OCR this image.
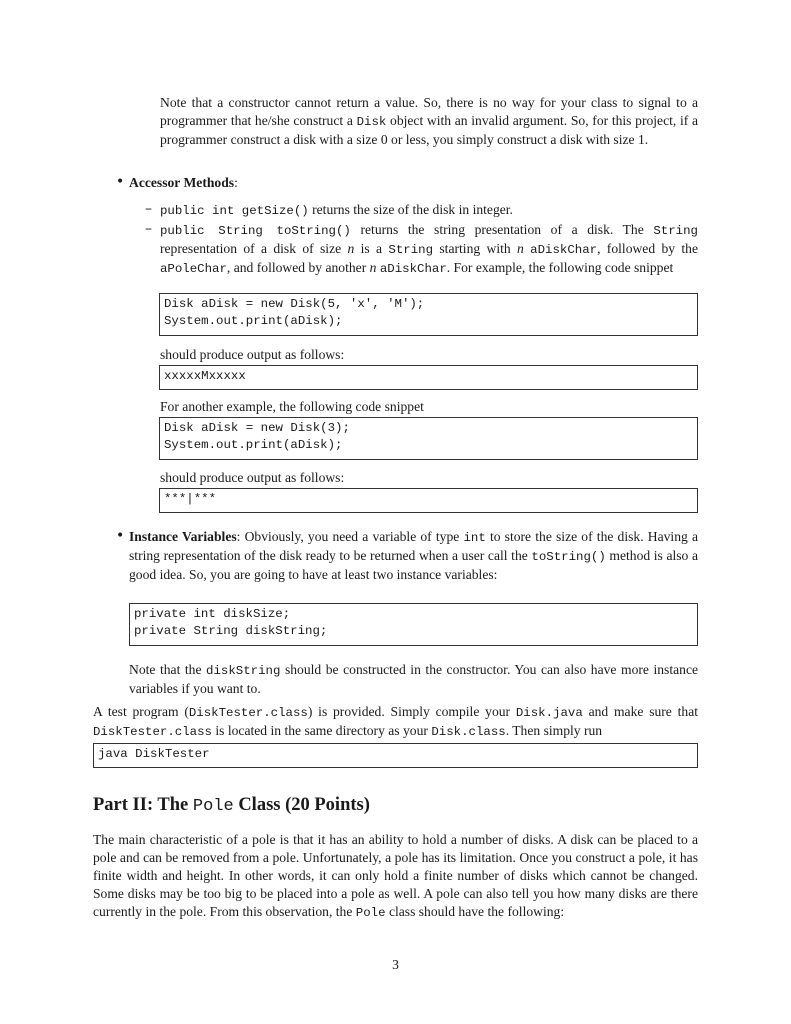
Note that a constructor cannot return a value. So, there is no way for your class to signal to a programmer that he/she construct a Disk object with an invalid argument. So, for this project, if a programmer construct a disk with a size 0 or less, you simply construct a disk with size 1.
• Accessor Methods:
– public int getSize() returns the size of the disk in integer.
– public String toString() returns the string presentation of a disk. The String representation of a disk of size n is a String starting with n aDiskChar, followed by the aPoleChar, and followed by another n aDiskChar. For example, the following code snippet
Disk aDisk = new Disk(5, 'x', 'M');
System.out.print(aDisk);
should produce output as follows:
xxxxxMxxxxx
For another example, the following code snippet
Disk aDisk = new Disk(3);
System.out.print(aDisk);
should produce output as follows:
***|***
• Instance Variables: Obviously, you need a variable of type int to store the size of the disk. Having a string representation of the disk ready to be returned when a user call the toString() method is also a good idea. So, you are going to have at least two instance variables:
private int diskSize;
private String diskString;
Note that the diskString should be constructed in the constructor. You can also have more instance variables if you want to.
A test program (DiskTester.class) is provided. Simply compile your Disk.java and make sure that DiskTester.class is located in the same directory as your Disk.class. Then simply run
java DiskTester
Part II: The Pole Class (20 Points)
The main characteristic of a pole is that it has an ability to hold a number of disks. A disk can be placed to a pole and can be removed from a pole. Unfortunately, a pole has its limitation. Once you construct a pole, it has finite width and height. In other words, it can only hold a finite number of disks which cannot be changed. Some disks may be too big to be placed into a pole as well. A pole can also tell you how many disks are there currently in the pole. From this observation, the Pole class should have the following:
3
